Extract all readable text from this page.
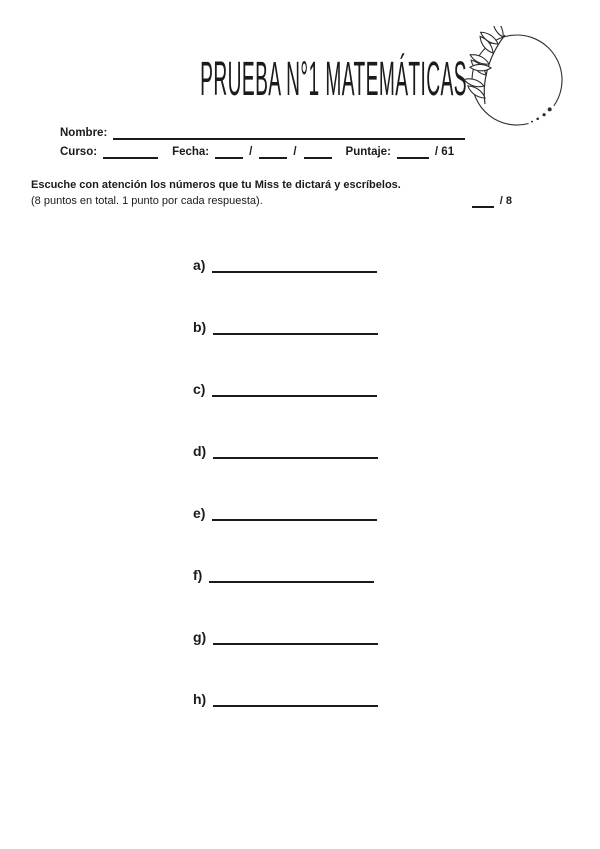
PRUEBA N°1 MATEMÁTICAS
Nombre:
Curso:	Fecha:	/	/	Puntaje:	/ 61
Escuche con atención los números que tu Miss te dictará y escríbelos.
(8 puntos en total. 1 punto por cada respuesta).	/ 8
a)
b)
c)
d)
e)
f)
g)
h)
